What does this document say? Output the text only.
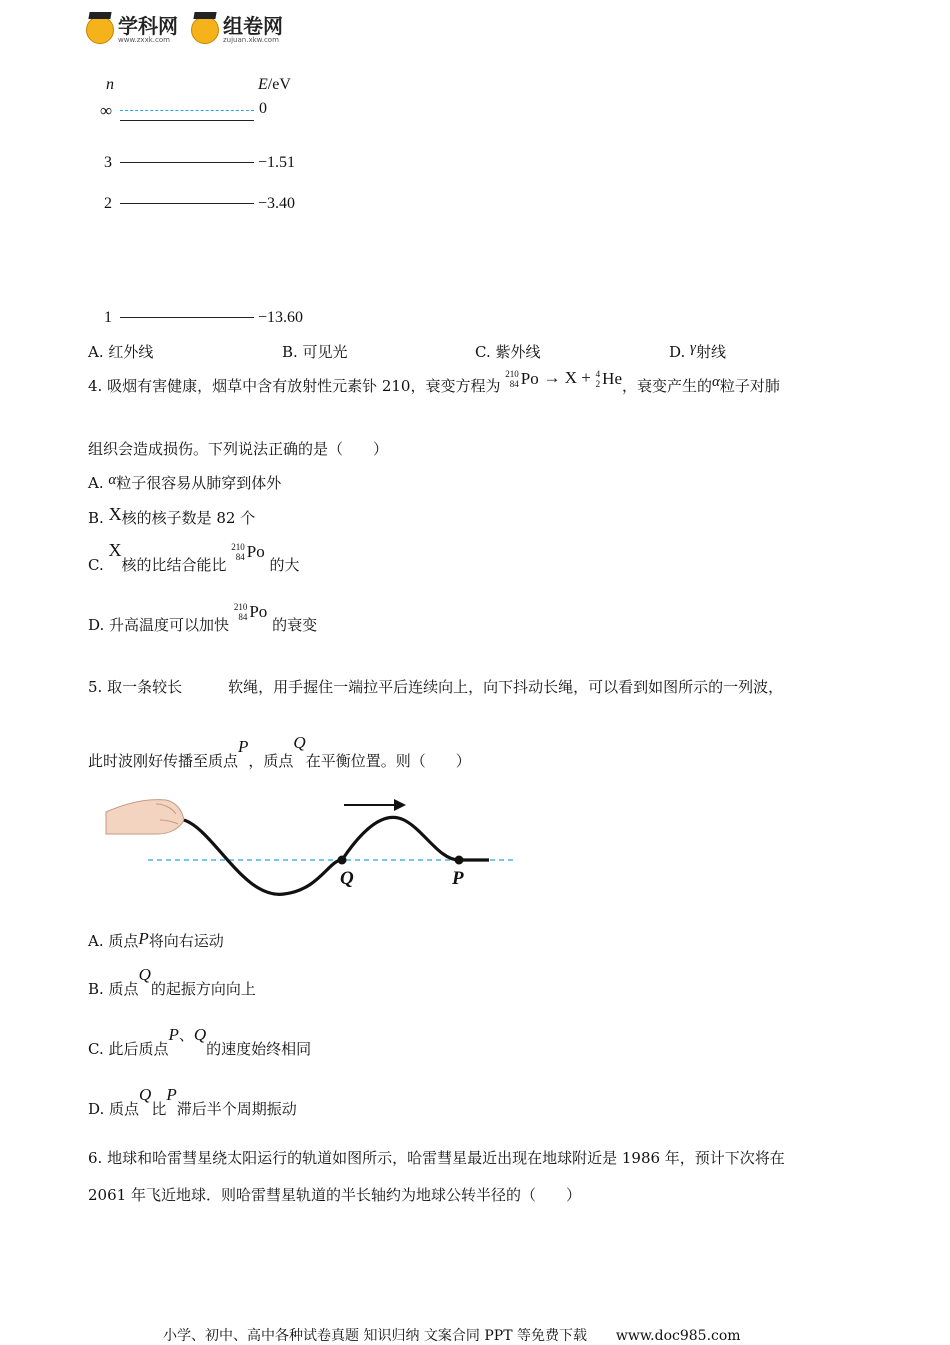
学科网
www.zxxk.com
组卷网
zujuan.xkw.com
n	E/eV
∞	0
3	−1.51
2	−3.40
1	−13.60
A. 红外线	B. 可见光	C. 紫外线	D. γ射线
4. 吸烟有害健康，烟草中含有放射性元素钋 210，衰变方程为
210
84 Po → X + 4
2 He ，衰变产生的α粒子对肺
组织会造成损伤。下列说法正确的是（　　）
A. α粒子很容易从肺穿到体外
B. X核的核子数是 82 个
C. X核的比结合能比
210
84 Po
的大
D. 升高温度可以加快
210
84 Po
的衰变
5. 取一条较长	软绳，用手握住一端拉平后连续向上，向下抖动长绳，可以看到如图所示的一列波，
此时波刚好传播至质点P，质点Q在平衡位置。则（　　）
Q	P
A. 质点P将向右运动
B. 质点Q的起振方向向上
C. 此后质点P、Q的速度始终相同
D. 质点Q比P滞后半个周期振动
6. 地球和哈雷彗星绕太阳运行的轨道如图所示，哈雷彗星最近出现在地球附近是 1986 年，预计下次将在
2061 年飞近地球．则哈雷彗星轨道的半长轴约为地球公转半径的（　　）
小学、初中、高中各种试卷真题 知识归纳 文案合同 PPT 等免费下载 www.doc985.com
